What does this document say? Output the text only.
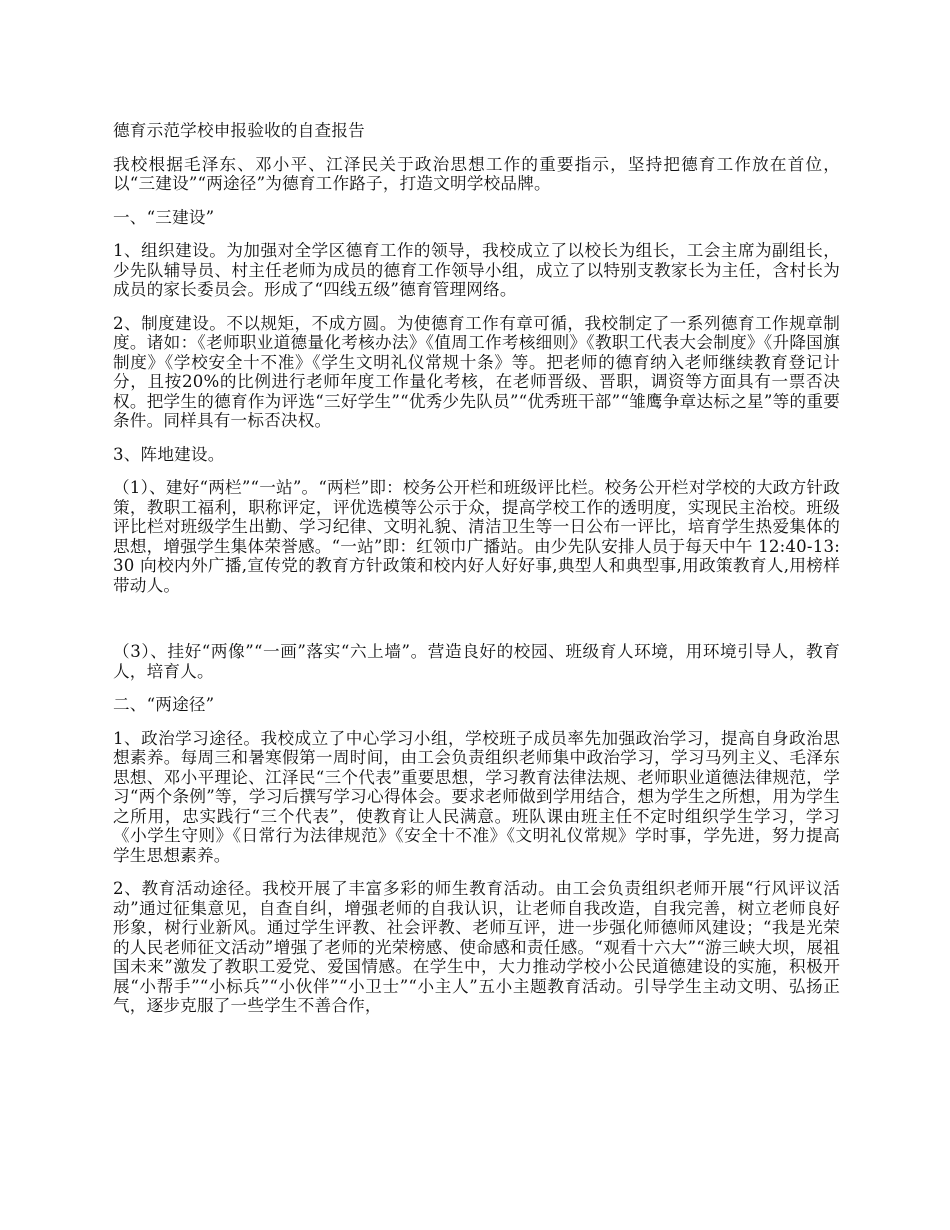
德育示范学校申报验收的自查报告

我校根据毛泽东、邓小平、江泽民关于政治思想工作的重要指示，坚持把德育工作放在首位，以“三建设”“两途径”为德育工作路子，打造文明学校品牌。

一、“三建设”

1、组织建设。为加强对全学区德育工作的领导，我校成立了以校长为组长，工会主席为副组长，少先队辅导员、村主任老师为成员的德育工作领导小组，成立了以特别支教家长为主任，含村长为成员的家长委员会。形成了“四线五级”德育管理网络。

2、制度建设。不以规矩，不成方圆。为使德育工作有章可循，我校制定了一系列德育工作规章制度。诸如：《老师职业道德量化考核办法》《值周工作考核细则》《教职工代表大会制度》《升降国旗制度》《学校安全十不准》《学生文明礼仪常规十条》等。把老师的德育纳入老师继续教育登记计分，且按20%的比例进行老师年度工作量化考核，在老师晋级、晋职，调资等方面具有一票否决权。把学生的德育作为评选“三好学生”“优秀少先队员”“优秀班干部”“雏鹰争章达标之星”等的重要条件。同样具有一标否决权。

3、阵地建设。

（1）、建好“两栏”“一站”。“两栏”即：校务公开栏和班级评比栏。校务公开栏对学校的大政方针政策，教职工福利，职称评定，评优选模等公示于众，提高学校工作的透明度，实现民主治校。班级评比栏对班级学生出勤、学习纪律、文明礼貌、清洁卫生等一日公布一评比，培育学生热爱集体的思想，增强学生集体荣誉感。“一站”即：红领巾广播站。由少先队安排人员于每天中午 12:40-13:30 向校内外广播,宣传党的教育方针政策和校内好人好好事,典型人和典型事,用政策教育人,用榜样带动人。

（3）、挂好“两像”“一画”落实“六上墙”。营造良好的校园、班级育人环境，用环境引导人，教育人，培育人。

二、“两途径”

1、政治学习途径。我校成立了中心学习小组，学校班子成员率先加强政治学习，提高自身政治思想素养。每周三和暑寒假第一周时间，由工会负责组织老师集中政治学习，学习马列主义、毛泽东思想、邓小平理论、江泽民“三个代表”重要思想，学习教育法律法规、老师职业道德法律规范，学习“两个条例”等，学习后撰写学习心得体会。要求老师做到学用结合，想为学生之所想，用为学生之所用，忠实践行“三个代表”，使教育让人民满意。班队课由班主任不定时组织学生学习，学习《小学生守则》《日常行为法律规范》《安全十不准》《文明礼仪常规》学时事，学先进，努力提高学生思想素养。

2、教育活动途径。我校开展了丰富多彩的师生教育活动。由工会负责组织老师开展“行风评议活动”通过征集意见，自查自纠，增强老师的自我认识，让老师自我改造，自我完善，树立老师良好形象，树行业新风。通过学生评教、社会评教、老师互评，进一步强化师德师风建设；“我是光荣的人民老师征文活动”增强了老师的光荣榜感、使命感和责任感。“观看十六大”“游三峡大坝，展祖国未来”激发了教职工爱党、爱国情感。在学生中，大力推动学校小公民道德建设的实施，积极开展“小帮手”“小标兵”“小伙伴”“小卫士”“小主人”五小主题教育活动。引导学生主动文明、弘扬正气，逐步克服了一些学生不善合作，
